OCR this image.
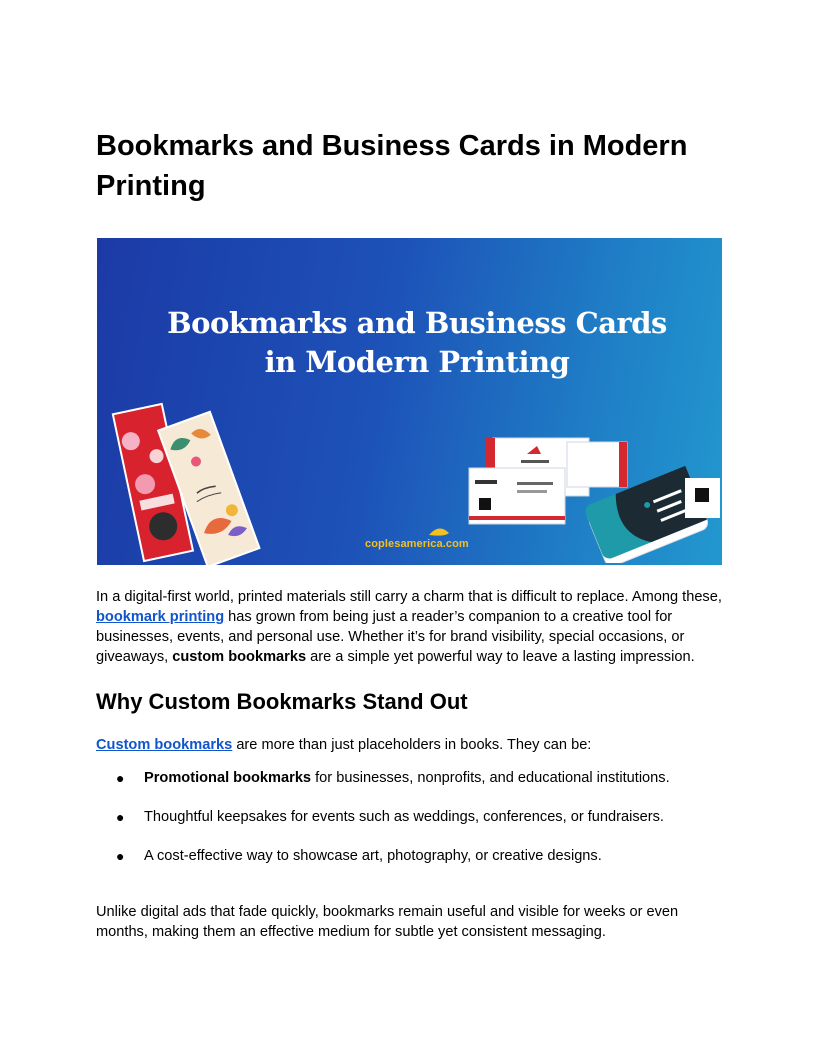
Bookmarks and Business Cards in Modern Printing
Bookmarks and Business Cards
in Modern Printing
coplesamerica.com

In a digital-first world, printed materials still carry a charm that is difficult to replace. Among these, bookmark printing has grown from being just a reader’s companion to a creative tool for businesses, events, and personal use. Whether it’s for brand visibility, special occasions, or giveaways, custom bookmarks are a simple yet powerful way to leave a lasting impression.

Why Custom Bookmarks Stand Out

Custom bookmarks are more than just placeholders in books. They can be:

● Promotional bookmarks for businesses, nonprofits, and educational institutions.
● Thoughtful keepsakes for events such as weddings, conferences, or fundraisers.
● A cost-effective way to showcase art, photography, or creative designs.

Unlike digital ads that fade quickly, bookmarks remain useful and visible for weeks or even months, making them an effective medium for subtle yet consistent messaging.
